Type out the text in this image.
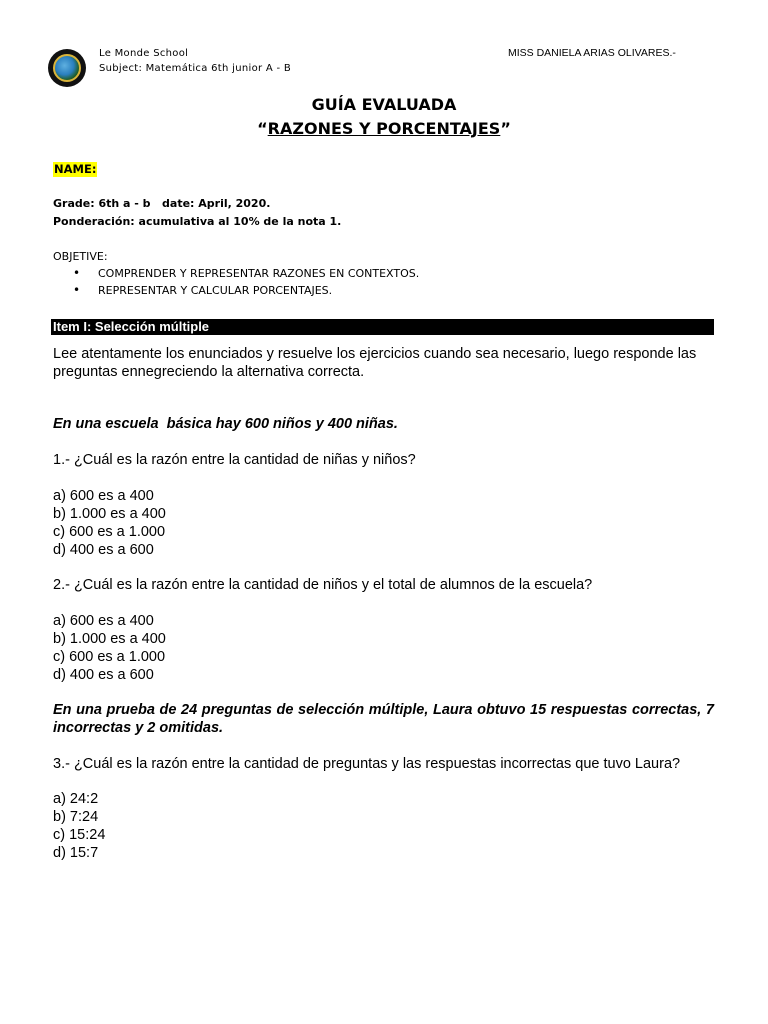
Le Monde School
Subject: Matemática 6th junior A - B
MISS DANIELA ARIAS OLIVARES.-
GUÍA EVALUADA
“RAZONES Y PORCENTAJES”
NAME:
Grade: 6th a - b   date: April, 2020.
Ponderación: acumulativa al 10% de la nota 1.
OBJETIVE:
• COMPRENDER Y REPRESENTAR RAZONES EN CONTEXTOS.
• REPRESENTAR Y CALCULAR PORCENTAJES.
Item I: Selección múltiple
Lee atentamente los enunciados y resuelve los ejercicios cuando sea necesario, luego responde las preguntas ennegreciendo la alternativa correcta.
En una escuela  básica hay 600 niños y 400 niñas.
1.- ¿Cuál es la razón entre la cantidad de niñas y niños?
a) 600 es a 400
b) 1.000 es a 400
c) 600 es a 1.000
d) 400 es a 600
2.- ¿Cuál es la razón entre la cantidad de niños y el total de alumnos de la escuela?
a) 600 es a 400
b) 1.000 es a 400
c) 600 es a 1.000
d) 400 es a 600
En una prueba de 24 preguntas de selección múltiple, Laura obtuvo 15 respuestas correctas, 7 incorrectas y 2 omitidas.
3.- ¿Cuál es la razón entre la cantidad de preguntas y las respuestas incorrectas que tuvo Laura?
a) 24:2
b) 7:24
c) 15:24
d) 15:7
